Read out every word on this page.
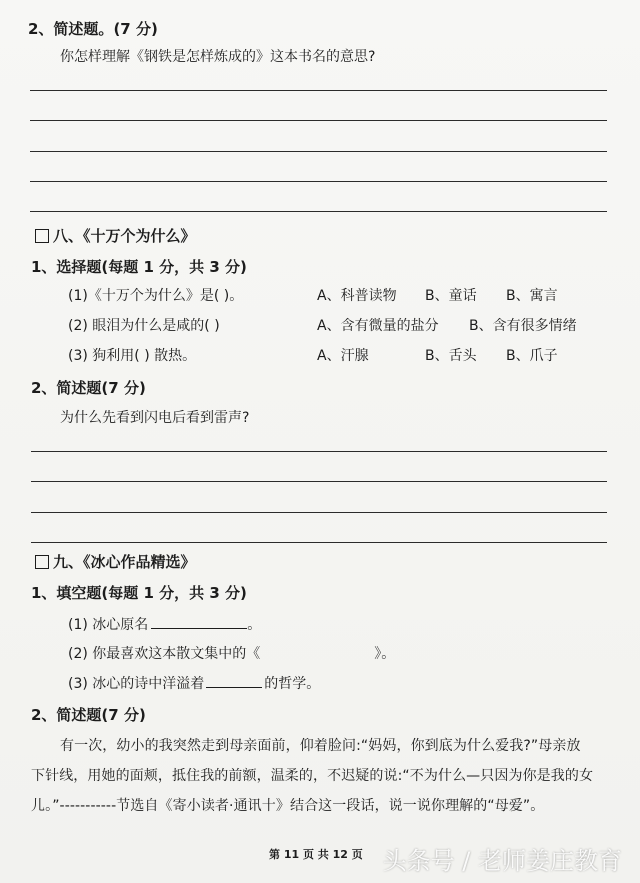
2、简述题。(7 分)
你怎样理解《钢铁是怎样炼成的》这本书名的意思?
八、《十万个为什么》
1、选择题(每题 1 分，共 3 分)
(1)《十万个为什么》是( )。	A、科普读物 B、童话 B、寓言
(2) 眼泪为什么是咸的( )	A、含有微量的盐分 B、含有很多情绪
(3) 狗利用( ) 散热。	A、汗腺	B、舌头 B、爪子
2、简述题(7 分)
为什么先看到闪电后看到雷声?
九、《冰心作品精选》
1、填空题(每题 1 分，共 3 分)
(1) 冰心原名	。
(2) 你最喜欢这本散文集中的《	》。
(3) 冰心的诗中洋溢着	的哲学。
2、简述题(7 分)
有一次，幼小的我突然走到母亲面前，仰着脸问:“妈妈，你到底为什么爱我?”母亲放
下针线，用她的面颊，抵住我的前额，温柔的，不迟疑的说:“不为什么—只因为你是我的女
儿。”-----------节选自《寄小读者·通讯十》结合这一段话，说一说你理解的“母爱”。
第 11 页 共 12 页 头条号 / 老师姜庄教育
